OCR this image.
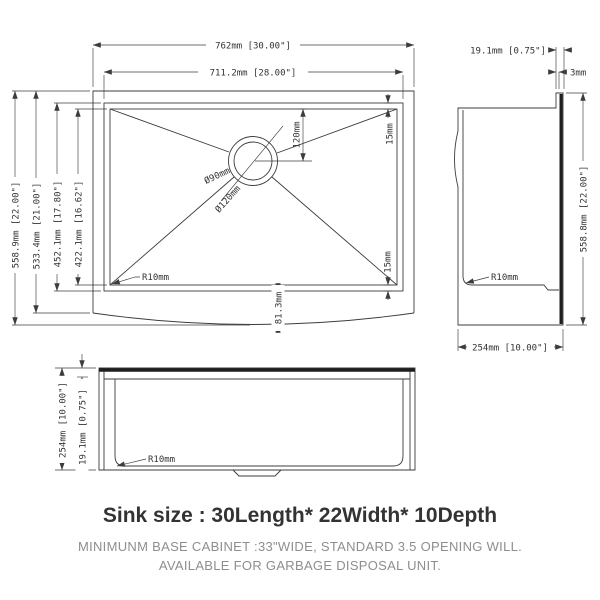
762mm [30.00"]
711.2mm [28.00"]
558.9mm [22.00"] 533.4mm [21.00"] 452.1mm [17.80"] 422.1mm [16.62"]
120mm	15mm
15mm
81.3mm
Ø90mm
Ø120mm
R10mm
19.1mm [0.75"]
3mm
558.8mm [22.00"]
254mm [10.00"]
R10mm
254mm [10.00"] 19.1mm [0.75"]	R10mm
Sink size : 30Length* 22Width* 10Depth
MINIMUNM BASE CABINET :33"WIDE, STANDARD 3.5 OPENING WILL.
AVAILABLE FOR GARBAGE DISPOSAL UNIT.
